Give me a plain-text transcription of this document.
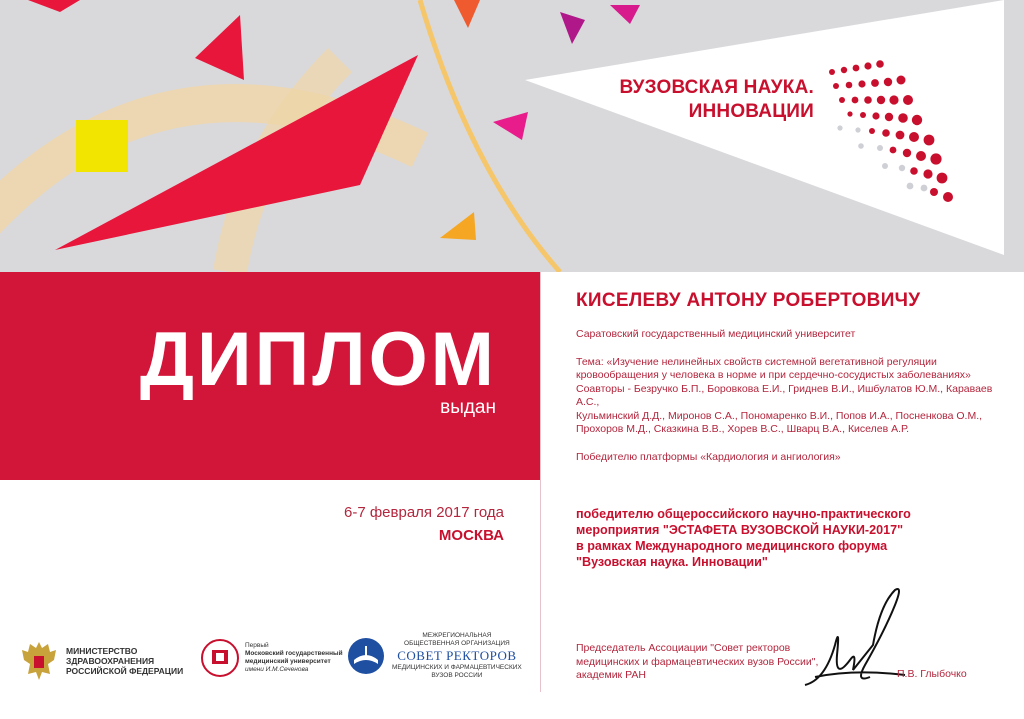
ВУЗОВСКАЯ НАУКА.
ИННОВАЦИИ
ДИПЛОМ
выдан
КИСЕЛЕВУ АНТОНУ РОБЕРТОВИЧУ
Саратовский государственный медицинский университет
Тема: «Изучение нелинейных свойств системной вегетативной регуляции
кровообращения у человека в норме и при сердечно-сосудистых заболеваниях»
Соавторы - Безручко Б.П., Боровкова Е.И., Гриднев В.И., Ишбулатов Ю.М., Караваев А.С.,
Кульминский Д.Д., Миронов С.А., Пономаренко В.И., Попов И.А., Посненкова О.М.,
Прохоров М.Д., Сказкина В.В., Хорев В.С., Шварц В.А., Киселев А.Р.
Победителю платформы «Кардиология и ангиология»
6-7 февраля 2017 года
МОСКВА
победителю общероссийского научно-практического
мероприятия "ЭСТАФЕТА ВУЗОВСКОЙ НАУКИ-2017"
в рамках Международного медицинского форума
"Вузовская наука. Инновации"
Председатель Ассоциации "Совет ректоров
медицинских и фармацевтических вузов России",
академик РАН	П.В. Глыбочко
МИНИСТЕРСТВО
ЗДРАВООХРАНЕНИЯ
РОССИЙСКОЙ ФЕДЕРАЦИИ
Первый
Московский государственный
медицинский университет
имени И.М.Сеченова
МЕЖРЕГИОНАЛЬНАЯ
ОБЩЕСТВЕННАЯ ОРГАНИЗАЦИЯ
СОВЕТ РЕКТОРОВ
МЕДИЦИНСКИХ И ФАРМАЦЕВТИЧЕСКИХ
ВУЗОВ РОССИИ
